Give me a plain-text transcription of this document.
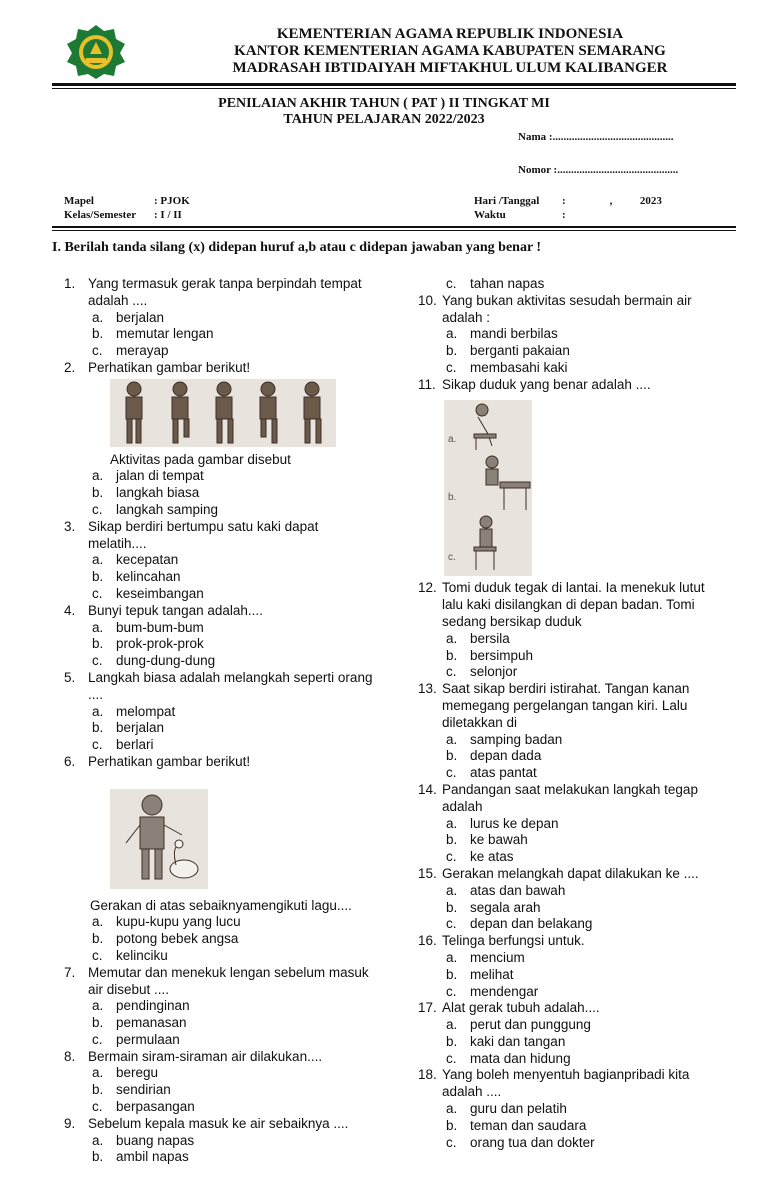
KEMENTERIAN AGAMA REPUBLIK INDONESIA
KANTOR KEMENTERIAN AGAMA KABUPATEN SEMARANG
MADRASAH IBTIDAIYAH MIFTAKHUL ULUM KALIBANGER
PENILAIAN AKHIR TAHUN ( PAT ) II TINGKAT MI
TAHUN PELAJARAN 2022/2023
Nama :............................................
Nomor :............................................
Mapel	: PJOK
Kelas/Semester : I / II
Hari /Tanggal :                ,          2023
Waktu	:
I. Berilah tanda silang (x) didepan huruf a,b atau c didepan jawaban yang benar !
1. Yang termasuk gerak tanpa berpindah tempat
adalah ....
a. berjalan
b. memutar lengan
c. merayap
2. Perhatikan gambar berikut!
Aktivitas pada gambar disebut
a. jalan di tempat
b. langkah biasa
c. langkah samping
3. Sikap berdiri bertumpu satu kaki dapat
melatih....
a. kecepatan
b. kelincahan
c. keseimbangan
4. Bunyi tepuk tangan adalah....
a. bum-bum-bum
b. prok-prok-prok
c. dung-dung-dung
5. Langkah biasa adalah melangkah seperti orang
....
a. melompat
b. berjalan
c. berlari
6. Perhatikan gambar berikut!
Gerakan di atas sebaiknyamengikuti lagu....
a. kupu-kupu yang lucu
b. potong bebek angsa
c. kelinciku
7. Memutar dan menekuk lengan sebelum masuk
air disebut ....
a. pendinginan
b. pemanasan
c. permulaan
8. Bermain siram-siraman air dilakukan....
a. beregu
b. sendirian
c. berpasangan
9. Sebelum kepala masuk ke air sebaiknya ....
a. buang napas
b. ambil napas
c. tahan napas
10. Yang bukan aktivitas sesudah bermain air
adalah :
a. mandi berbilas
b. berganti pakaian
c. membasahi kaki
11. Sikap duduk yang benar adalah ....
a.
b.
c.
12. Tomi duduk tegak di lantai. Ia menekuk lutut
lalu kaki disilangkan di depan badan. Tomi
sedang bersikap duduk
a. bersila
b. bersimpuh
c. selonjor
13. Saat sikap berdiri istirahat. Tangan kanan
memegang pergelangan tangan kiri. Lalu
diletakkan di
a. samping badan
b. depan dada
c. atas pantat
14. Pandangan saat melakukan langkah tegap
adalah
a. lurus ke depan
b. ke bawah
c. ke atas
15. Gerakan melangkah dapat dilakukan ke ....
a. atas dan bawah
b. segala arah
c. depan dan belakang
16. Telinga berfungsi untuk.
a. mencium
b. melihat
c. mendengar
17. Alat gerak tubuh adalah....
a. perut dan punggung
b. kaki dan tangan
c. mata dan hidung
18. Yang boleh menyentuh bagianpribadi kita
adalah ....
a. guru dan pelatih
b. teman dan saudara
c. orang tua dan dokter
